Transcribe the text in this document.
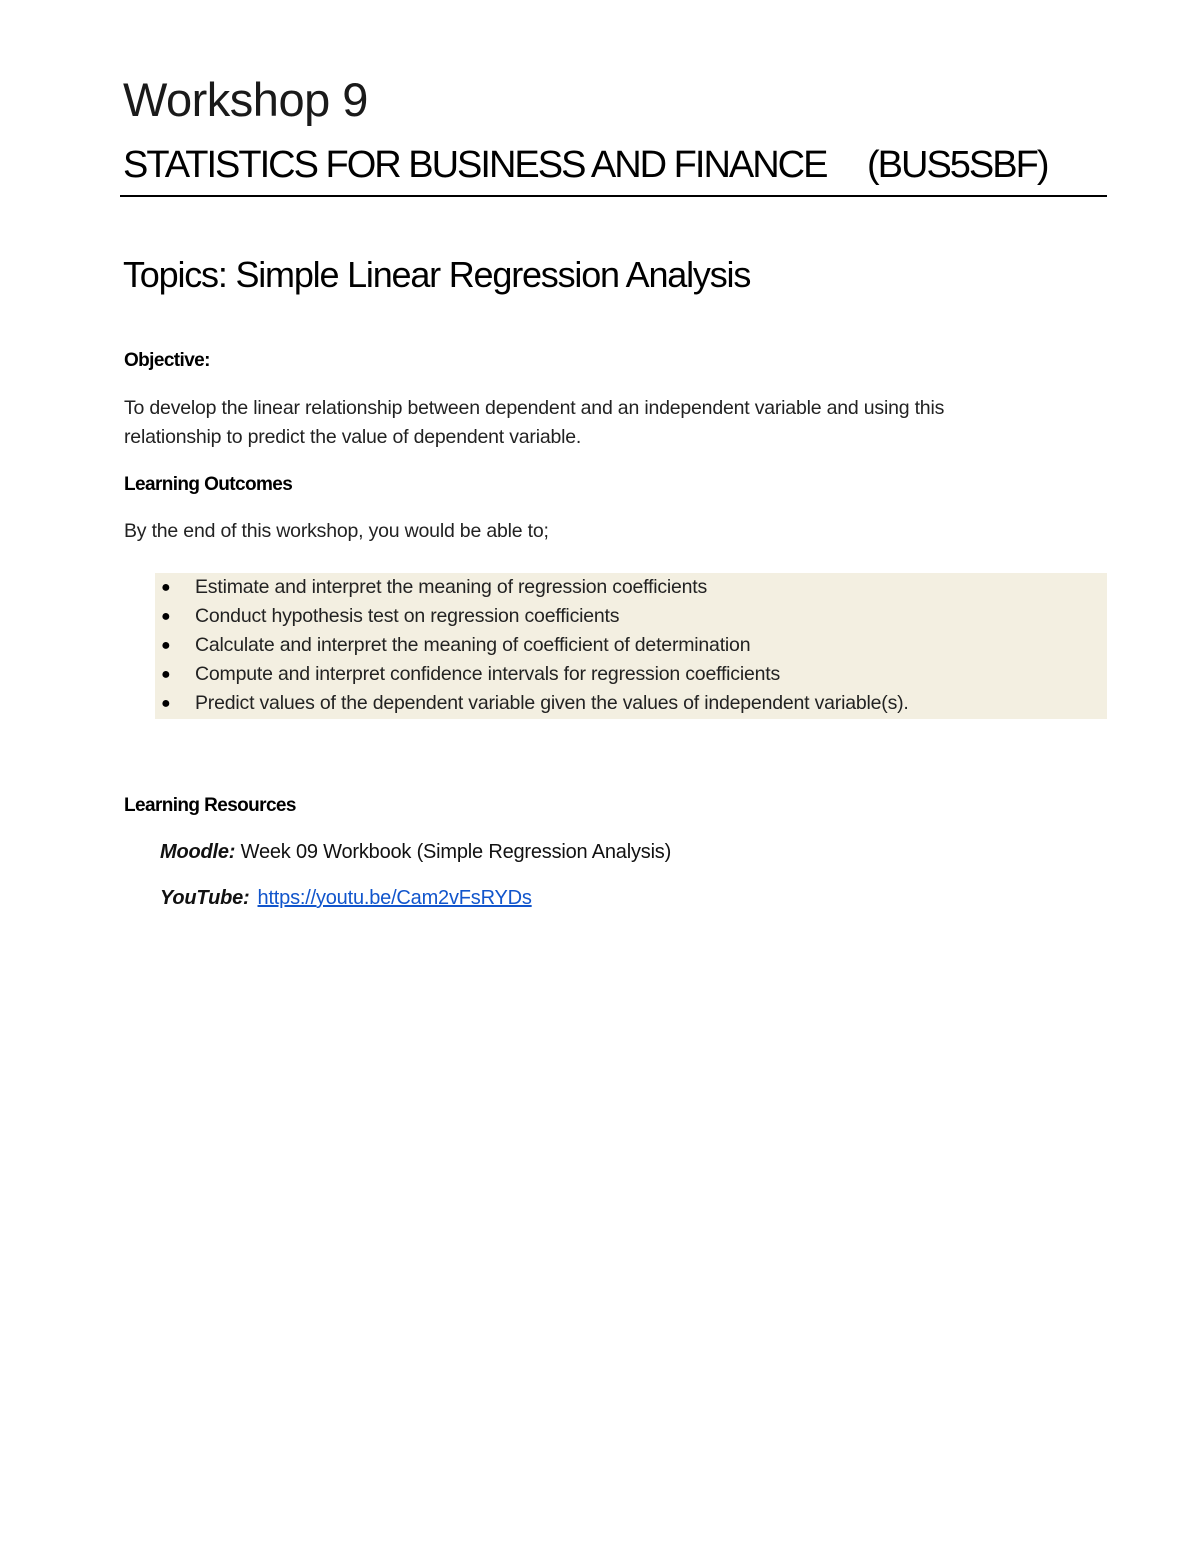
Workshop 9
STATISTICS FOR BUSINESS AND FINANCE (BUS5SBF)
Topics: Simple Linear Regression Analysis
Objective:
To develop the linear relationship between dependent and an independent variable and using this
relationship to predict the value of dependent variable.
Learning Outcomes
By the end of this workshop, you would be able to;
● Estimate and interpret the meaning of regression coefficients
● Conduct hypothesis test on regression coefficients
● Calculate and interpret the meaning of coefficient of determination
● Compute and interpret confidence intervals for regression coefficients
● Predict values of the dependent variable given the values of independent variable(s).
Learning Resources
Moodle: Week 09 Workbook (Simple Regression Analysis)
YouTube: https://youtu.be/Cam2vFsRYDs
